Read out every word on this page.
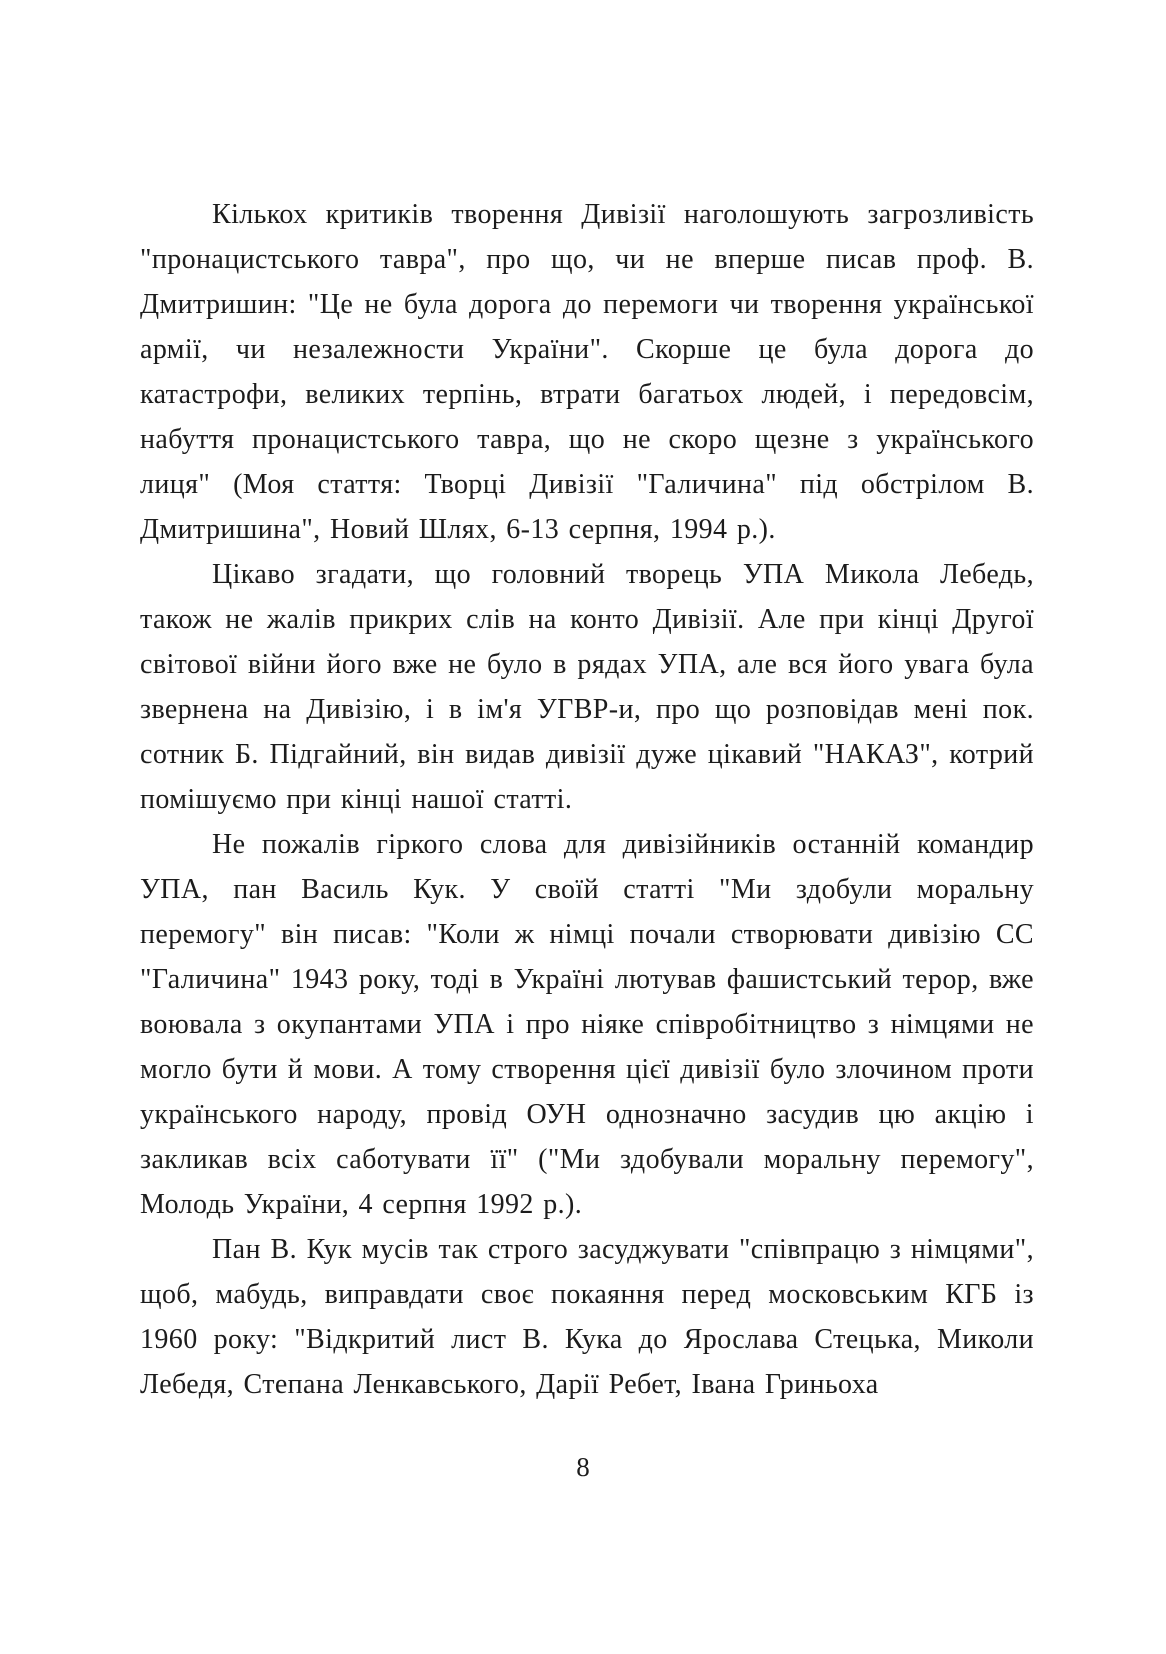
Кількох критиків творення Дивізії наголошують загрозливість "пронацистського тавра", про що, чи не вперше писав проф. В. Дмитришин: "Це не була дорога до перемоги чи творення української армії, чи незалежности України". Скорше це була дорога до катастрофи, великих терпінь, втрати багатьох людей, і передовсім, набуття пронацистського тавра, що не скоро щезне з українського лиця" (Моя стаття: Творці Дивізії "Галичина" під обстрілом В. Дмитришина", Новий Шлях, 6-13 серпня, 1994 р.).

Цікаво згадати, що головний творець УПА Микола Лебедь, також не жалів прикрих слів на конто Дивізії. Але при кінці Другої світової війни його вже не було в рядах УПА, але вся його увага була звернена на Дивізію, і в ім'я УГВР-и, про що розповідав мені пок. сотник Б. Підгайний, він видав дивізії дуже цікавий "НАКАЗ", котрий помішуємо при кінці нашої статті.

Не пожалів гіркого слова для дивізійників останній командир УПА, пан Василь Кук. У своїй статті "Ми здобули моральну перемогу" він писав: "Коли ж німці почали створювати дивізію СС "Галичина" 1943 року, тоді в Україні лютував фашистський терор, вже воювала з окупантами УПА і про ніяке співробітництво з німцями не могло бути й мови. А тому створення цієї дивізії було злочином проти українського народу, провід ОУН однозначно засудив цю акцію і закликав всіх саботувати її" ("Ми здобували моральну перемогу", Молодь України, 4 серпня 1992 р.).

Пан В. Кук мусів так строго засуджувати "співпрацю з німцями", щоб, мабудь, виправдати своє покаяння перед московським КГБ із 1960 року: "Відкритий лист В. Кука до Ярослава Стецька, Миколи Лебедя, Степана Ленкавського, Дарії Ребет, Івана Гриньоха

8
